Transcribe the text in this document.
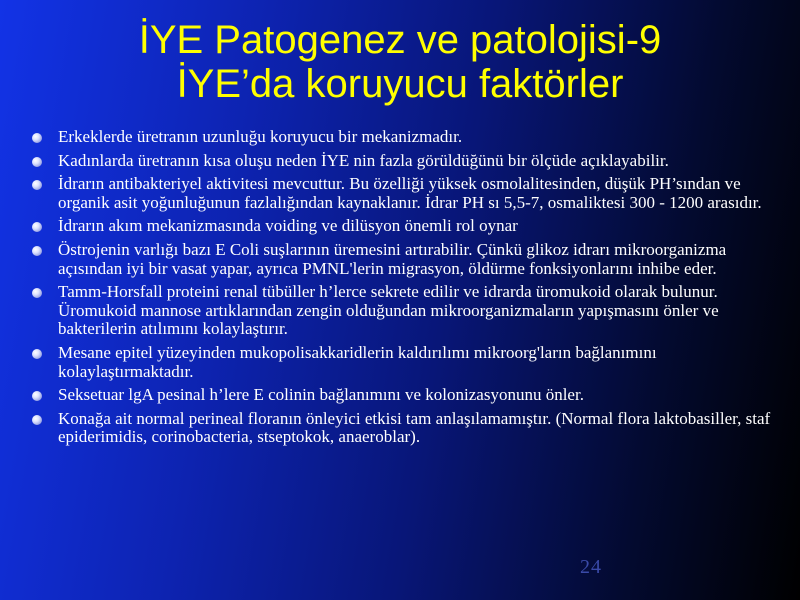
İYE Patogenez ve patolojisi-9
İYE’da koruyucu faktörler
Erkeklerde üretranın uzunluğu koruyucu bir mekanizmadır.
Kadınlarda üretranın kısa oluşu neden İYE nin fazla görüldüğünü bir ölçüde açıklayabilir.
İdrarın antibakteriyel aktivitesi mevcuttur. Bu özelliği yüksek osmolalitesinden, düşük PH’sından ve organik asit yoğunluğunun fazlalığından kaynaklanır. İdrar PH sı 5,5-7, osmaliktesi 300 - 1200 arasıdır.
İdrarın akım mekanizmasında voiding ve dilüsyon önemli rol oynar
Östrojenin varlığı bazı E Coli suşlarının üremesini artırabilir. Çünkü glikoz idrarı mikroorganizma açısından iyi bir vasat yapar, ayrıca PMNL'lerin migrasyon, öldürme fonksiyonlarını inhibe eder.
Tamm-Horsfall proteini renal tübüller h’lerce sekrete edilir ve idrarda üromukoid olarak bulunur. Üromukoid mannose artıklarından zengin olduğundan mikroorganizmaların yapışmasını önler ve bakterilerin atılımını kolaylaştırır.
Mesane epitel yüzeyinden mukopolisakkaridlerin kaldırılımı mikroorg'ların bağlanımını kolaylaştırmaktadır.
Seksetuar lgA pesinal h’lere E colinin bağlanımını ve kolonizasyonunu önler.
Konağa ait normal perineal floranın önleyici etkisi tam anlaşılamamıştır. (Normal flora laktobasiller, staf epiderimidis, corinobacteria, stseptokok, anaeroblar).
24
